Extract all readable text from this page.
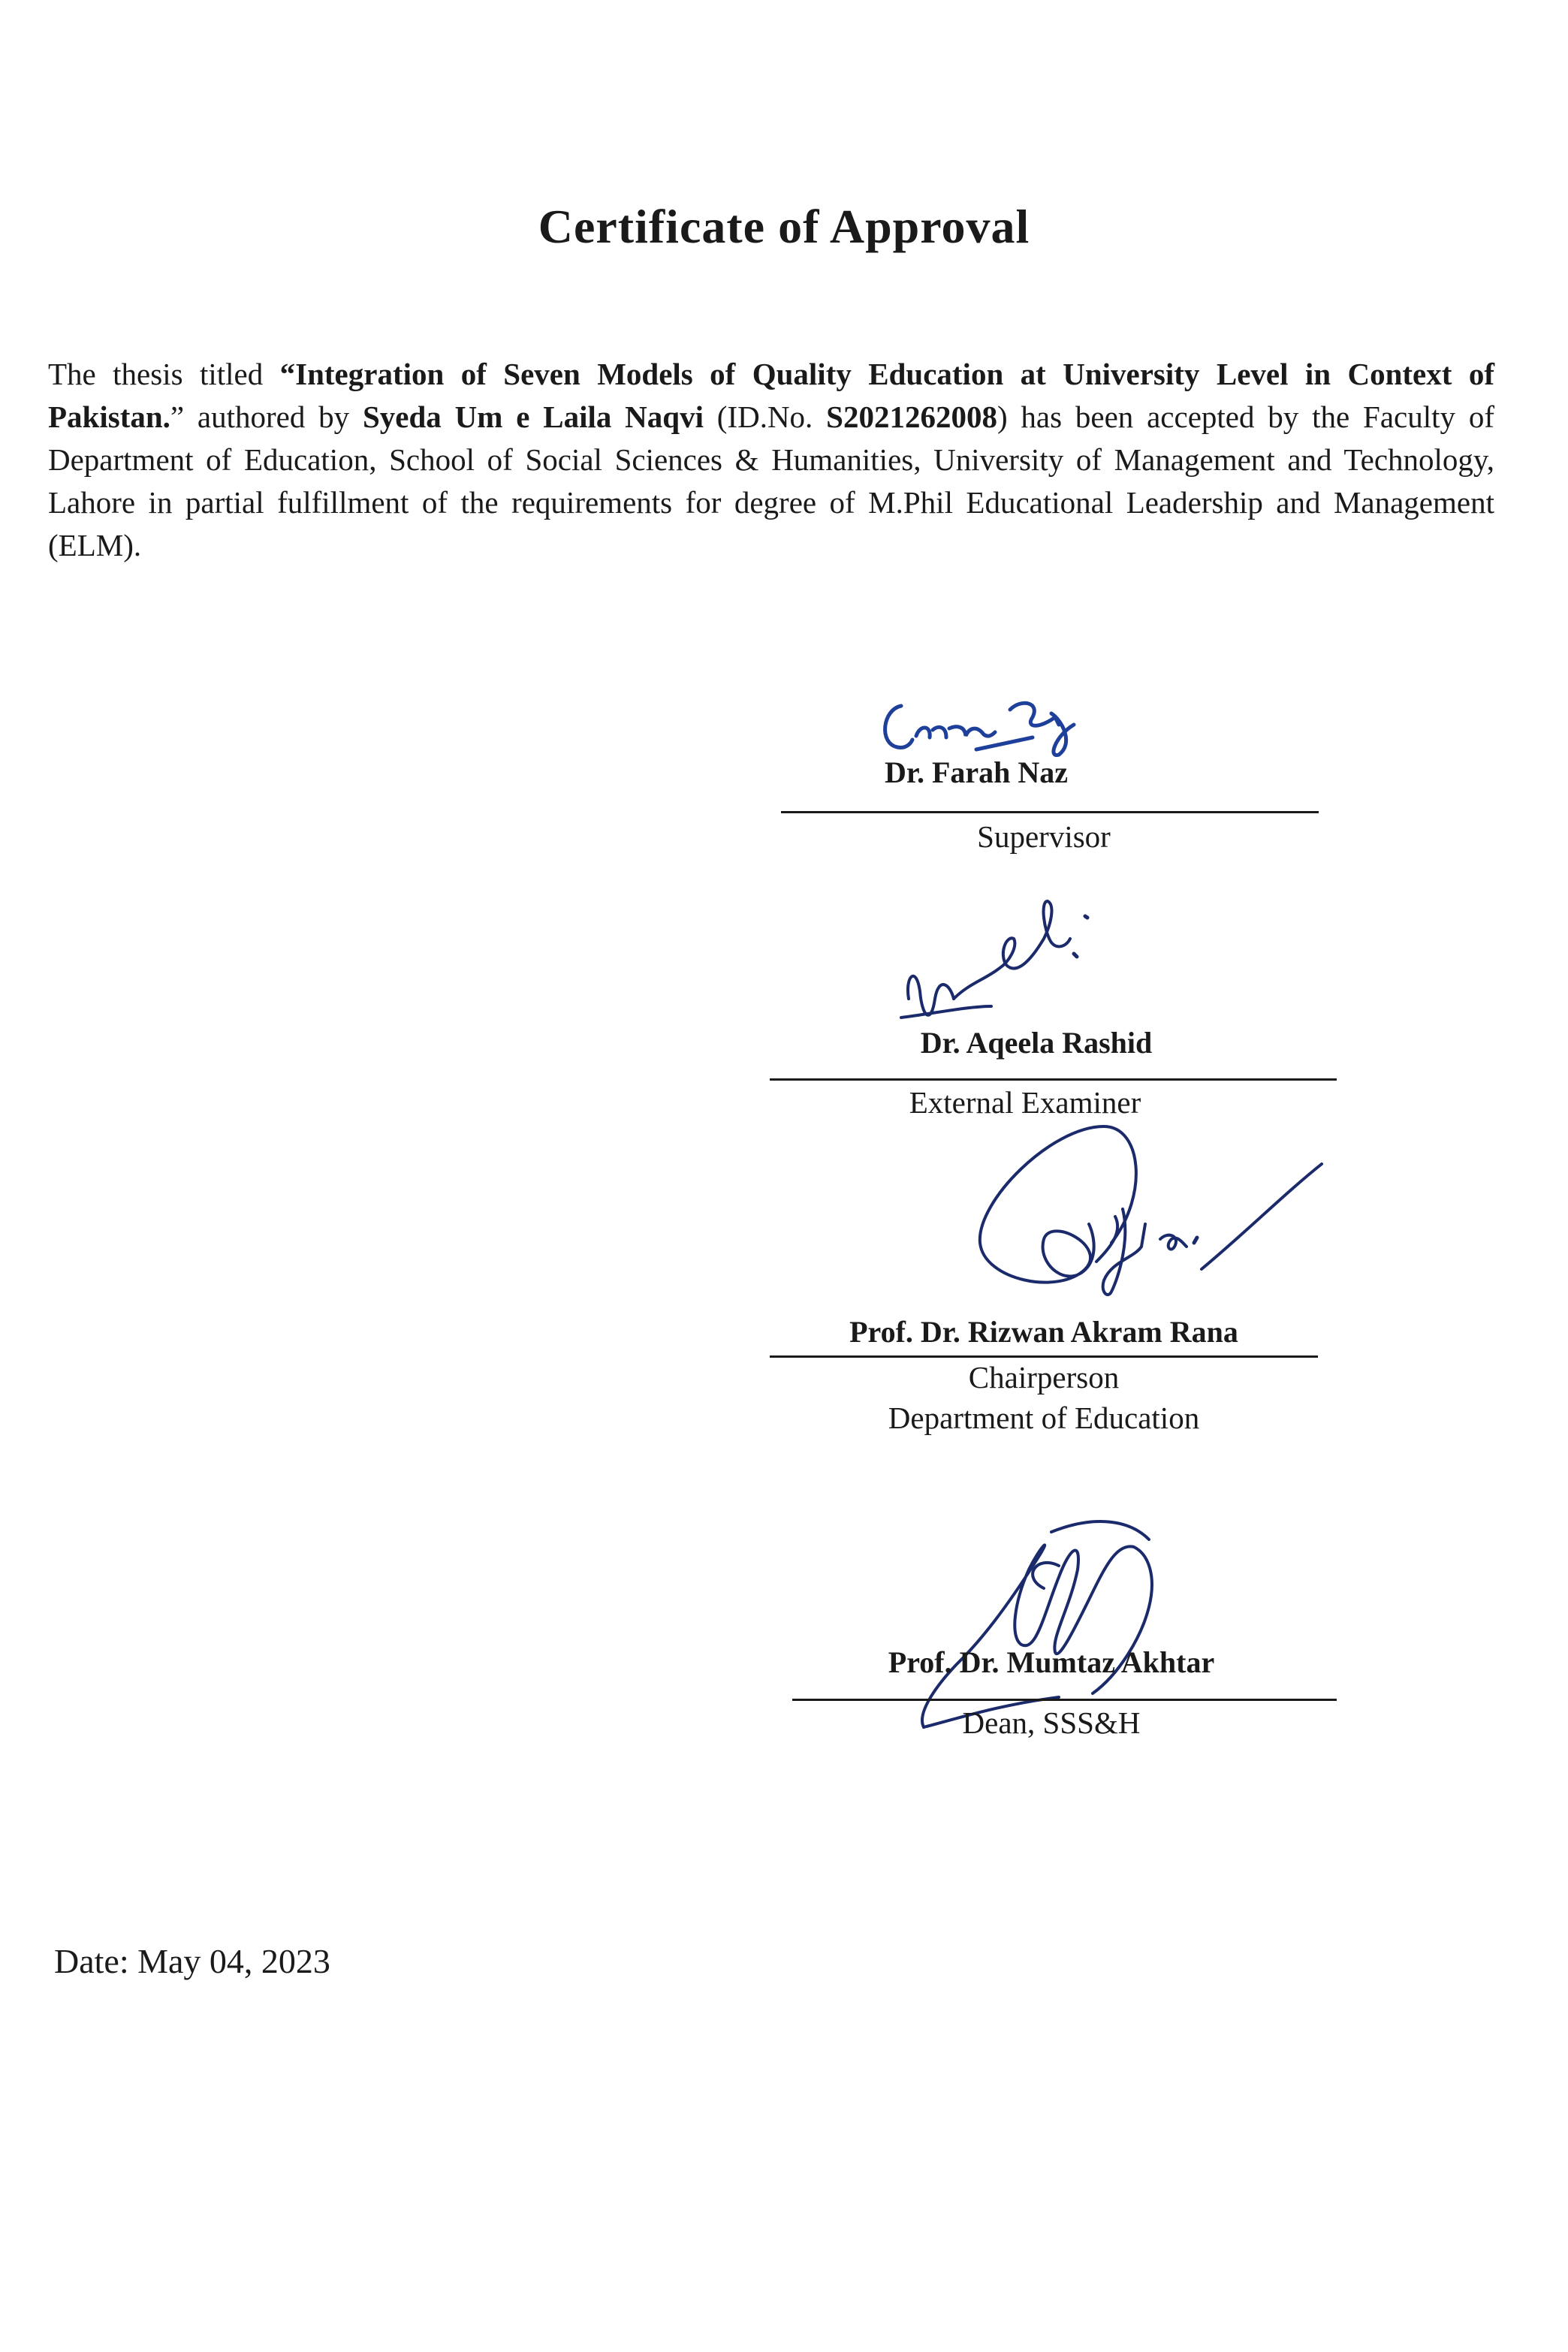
Certificate of Approval
The thesis titled “Integration of Seven Models of Quality Education at University Level in Context of Pakistan.” authored by Syeda Um e Laila Naqvi (ID.No. S2021262008) has been accepted by the Faculty of Department of Education, School of Social Sciences & Humanities, University of Management and Technology, Lahore in partial fulfillment of the requirements for degree of M.Phil Educational Leadership and Management (ELM).
Dr. Farah Naz
Supervisor
Dr. Aqeela Rashid
External Examiner
Prof. Dr. Rizwan Akram Rana
Chairperson
Department of Education
Prof. Dr. Mumtaz Akhtar
Dean, SSS&H
Date: May 04, 2023
